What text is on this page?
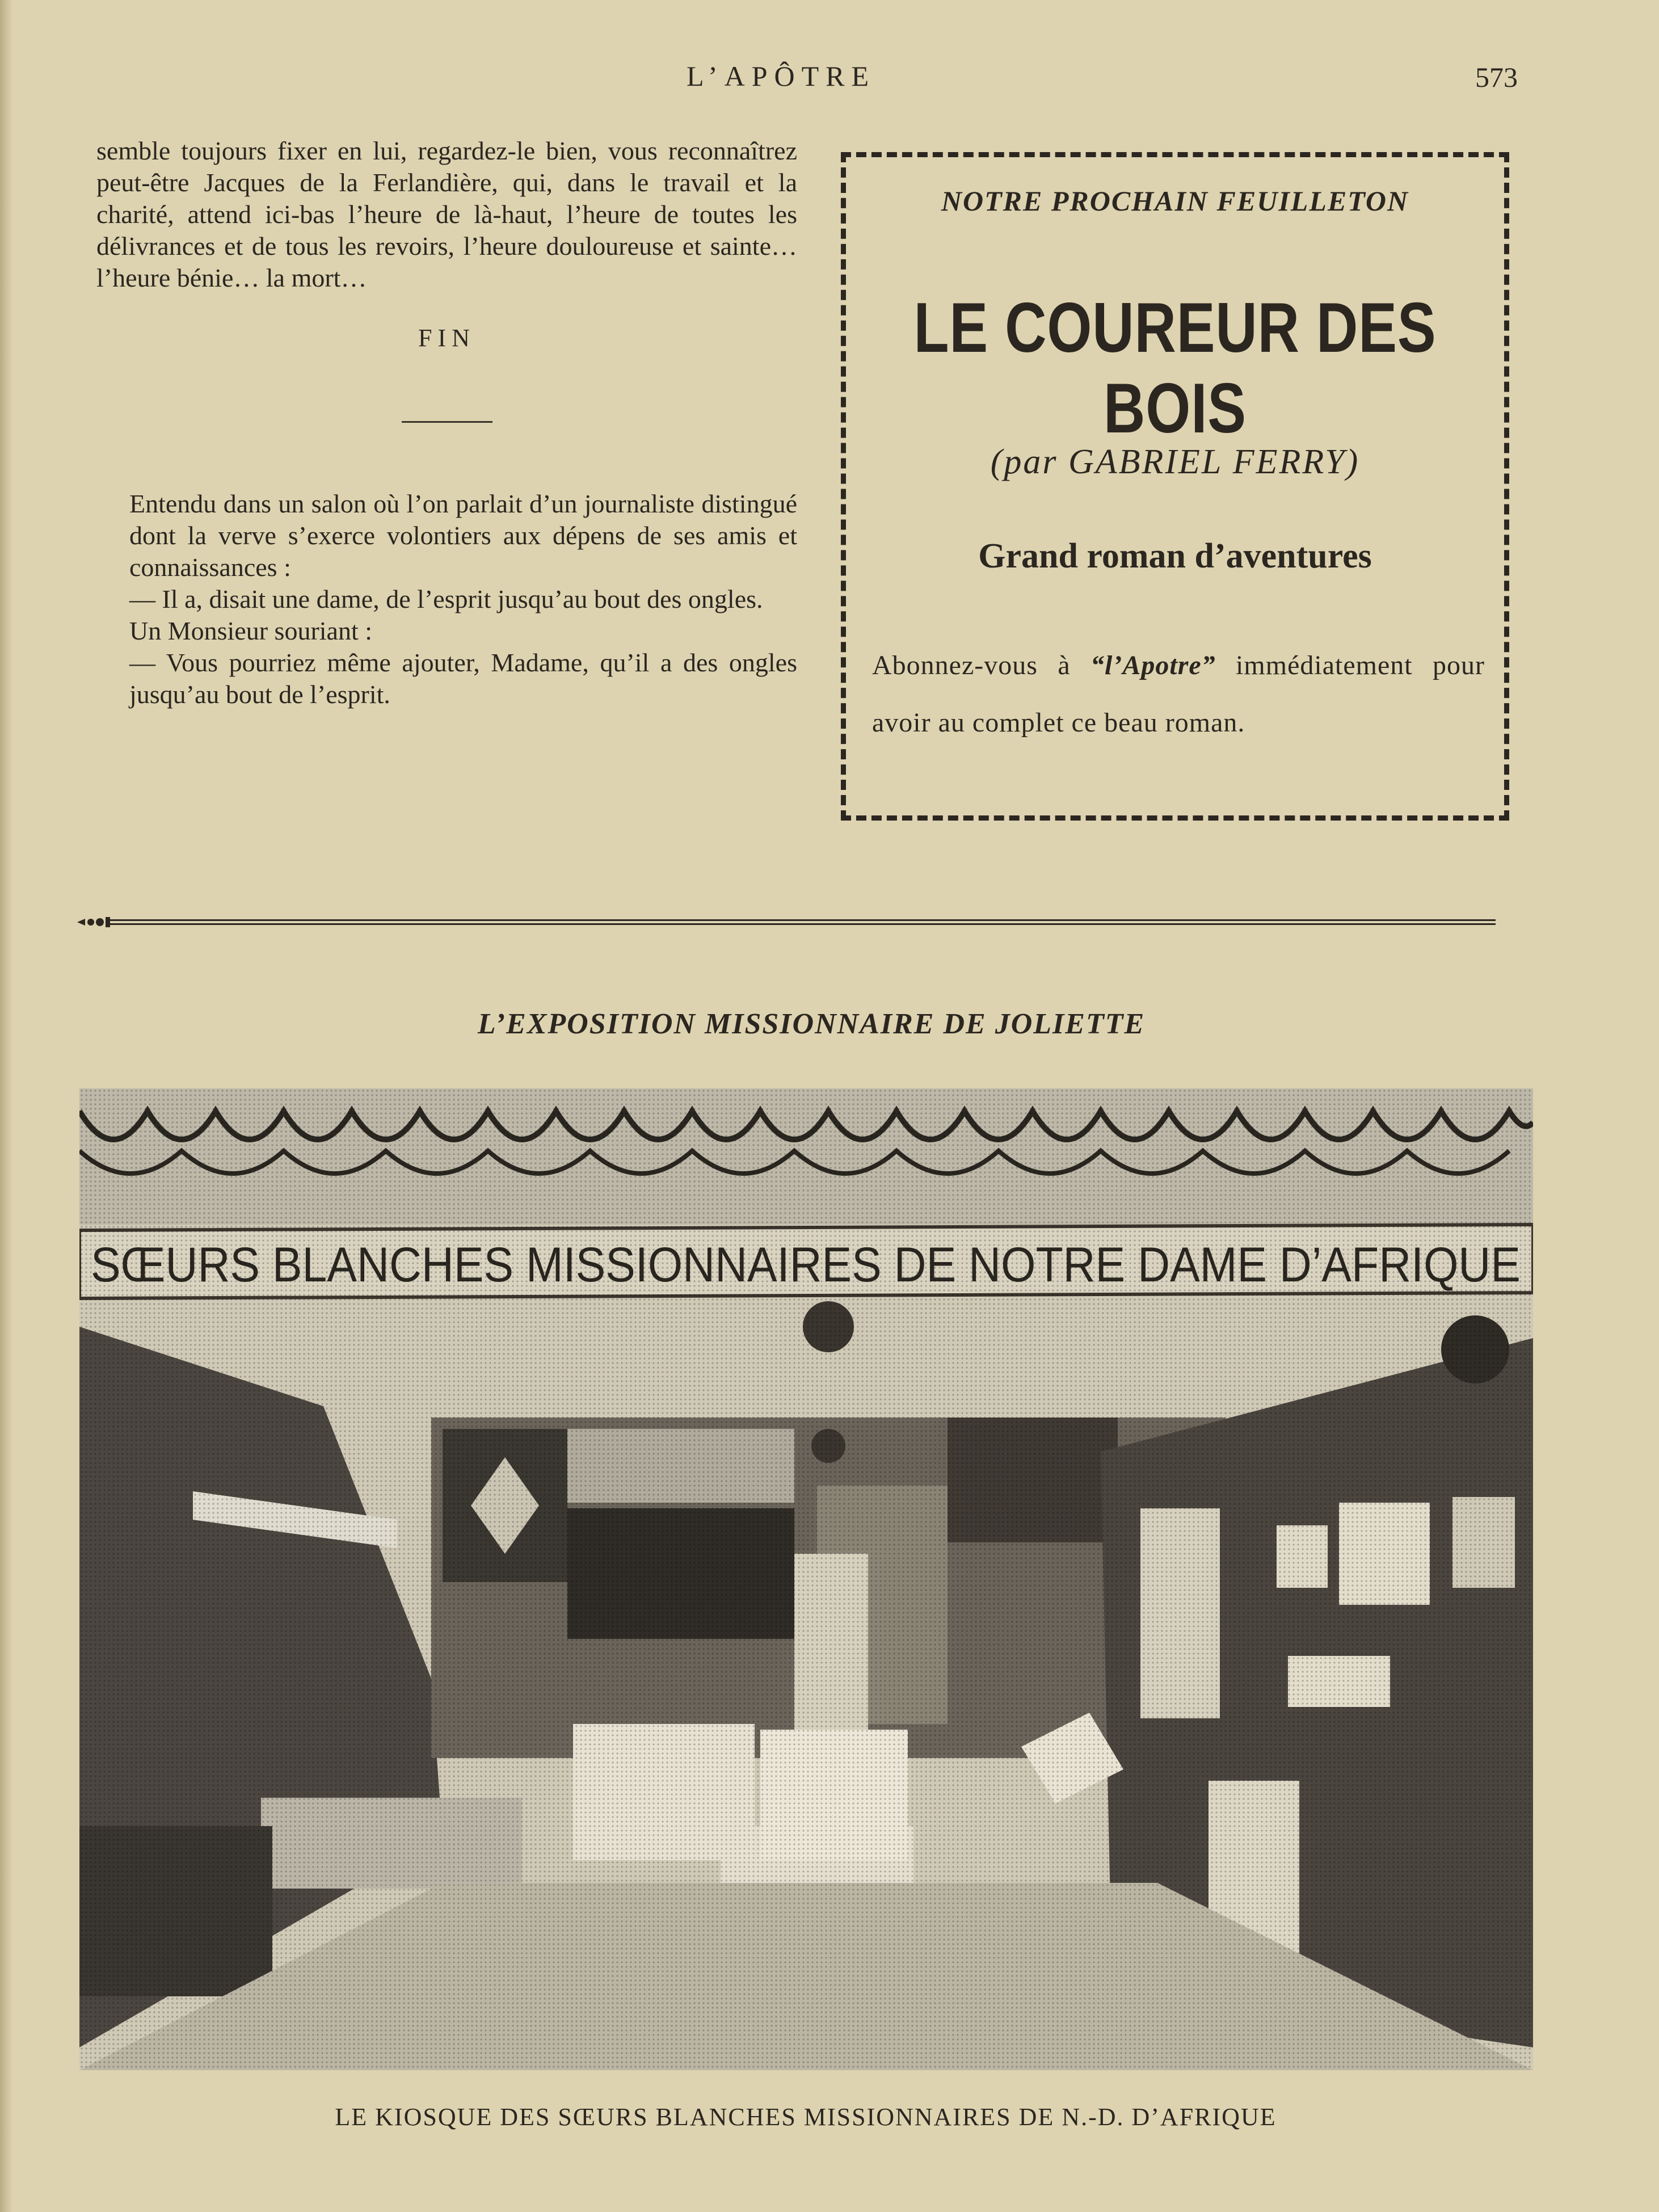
L’APÔTRE	573

semble toujours fixer en lui, regardez-le bien, vous reconnaîtrez peut-être Jacques de la Ferlandière, qui, dans le travail et la charité, attend ici-bas l’heure de là-haut, l’heure de toutes les délivrances et de tous les revoirs, l’heure douloureuse et sainte… l’heure bénie… la mort…

FIN

Entendu dans un salon où l’on parlait d’un journaliste distingué dont la verve s’exerce volontiers aux dépens de ses amis et connaissances :

— Il a, disait une dame, de l’esprit jusqu’au bout des ongles.

Un Monsieur souriant :

— Vous pourriez même ajouter, Madame, qu’il a des ongles jusqu’au bout de l’esprit.

NOTRE PROCHAIN FEUILLETON
LE COUREUR DES BOIS
(par GABRIEL FERRY)
Grand roman d’aventures
Abonnez-vous à “l’Apotre” immédiatement pour avoir au complet ce beau roman.
L’EXPOSITION MISSIONNAIRE DE JOLIETTE
LE KIOSQUE DES SŒURS BLANCHES MISSIONNAIRES DE N.-D. D’AFRIQUE
